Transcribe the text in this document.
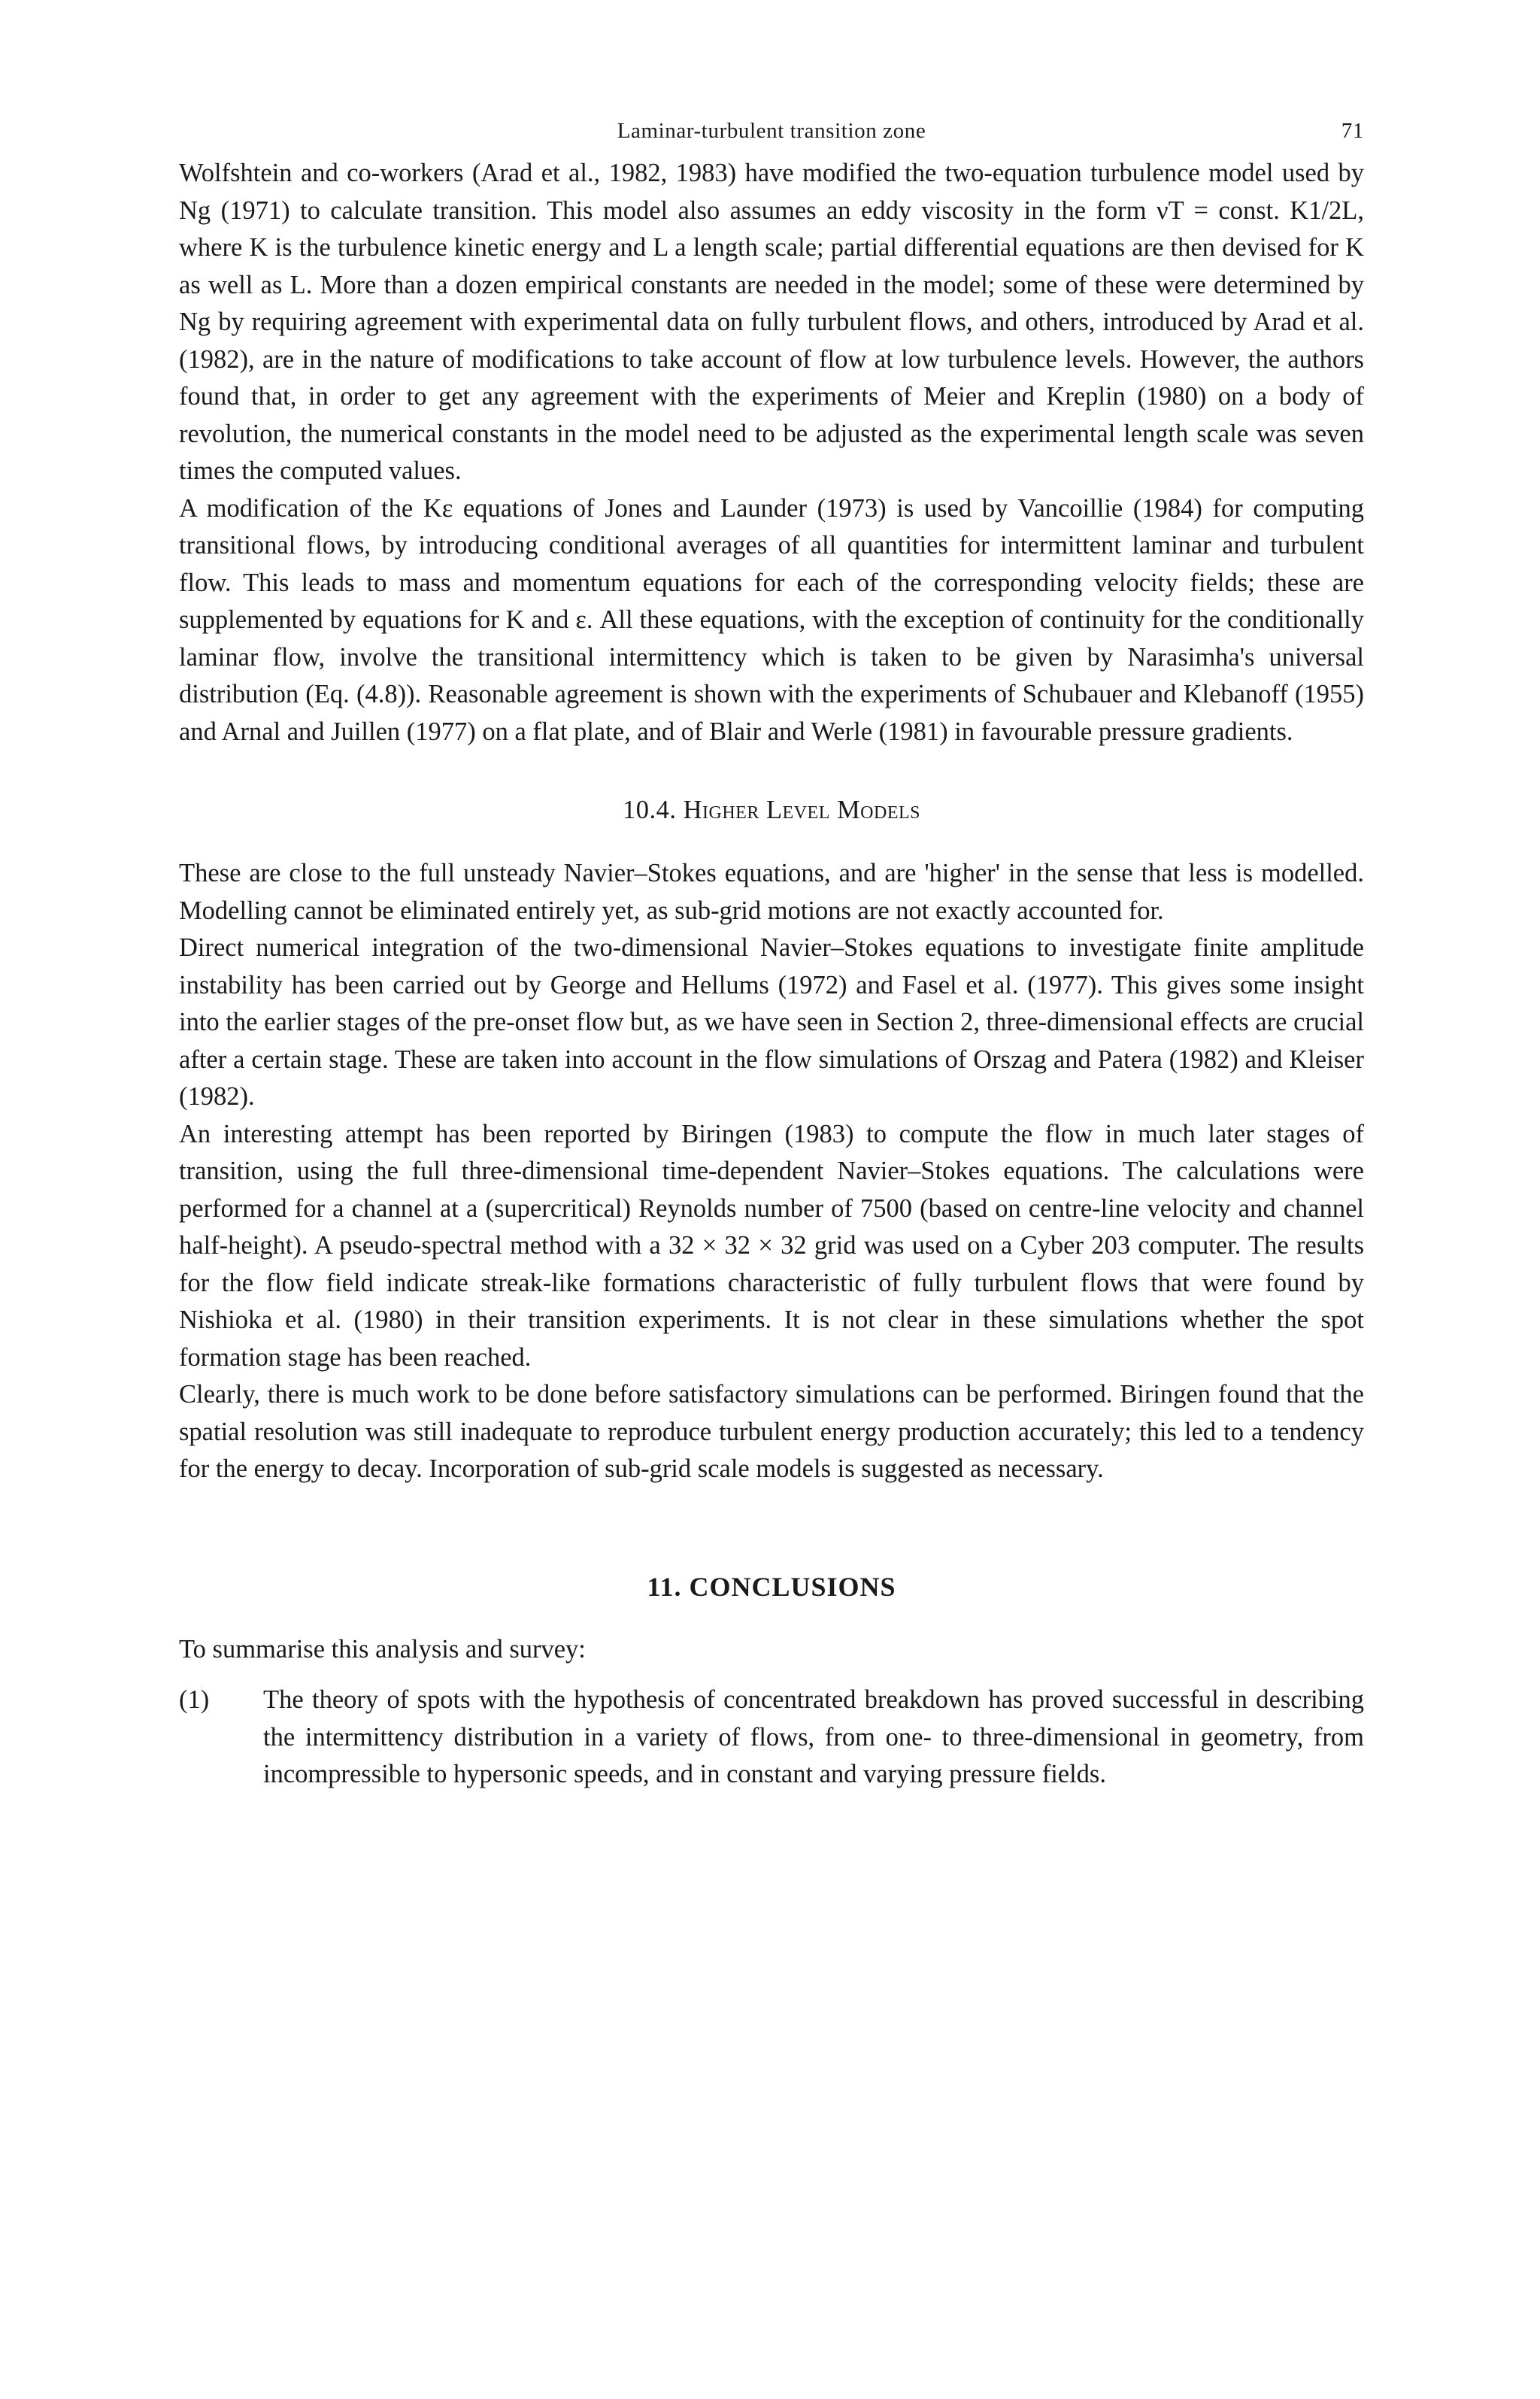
Laminar-turbulent transition zone	71

Wolfshtein and co-workers (Arad et al., 1982, 1983) have modified the two-equation turbulence model used by Ng (1971) to calculate transition. This model also assumes an eddy viscosity in the form νT = const. K1/2L, where K is the turbulence kinetic energy and L a length scale; partial differential equations are then devised for K as well as L. More than a dozen empirical constants are needed in the model; some of these were determined by Ng by requiring agreement with experimental data on fully turbulent flows, and others, introduced by Arad et al. (1982), are in the nature of modifications to take account of flow at low turbulence levels. However, the authors found that, in order to get any agreement with the experiments of Meier and Kreplin (1980) on a body of revolution, the numerical constants in the model need to be adjusted as the experimental length scale was seven times the computed values.

A modification of the Kε equations of Jones and Launder (1973) is used by Vancoillie (1984) for computing transitional flows, by introducing conditional averages of all quantities for intermittent laminar and turbulent flow. This leads to mass and momentum equations for each of the corresponding velocity fields; these are supplemented by equations for K and ε. All these equations, with the exception of continuity for the conditionally laminar flow, involve the transitional intermittency which is taken to be given by Narasimha's universal distribution (Eq. (4.8)). Reasonable agreement is shown with the experiments of Schubauer and Klebanoff (1955) and Arnal and Juillen (1977) on a flat plate, and of Blair and Werle (1981) in favourable pressure gradients.

10.4. Higher Level Models

These are close to the full unsteady Navier–Stokes equations, and are 'higher' in the sense that less is modelled. Modelling cannot be eliminated entirely yet, as sub-grid motions are not exactly accounted for.

Direct numerical integration of the two-dimensional Navier–Stokes equations to investigate finite amplitude instability has been carried out by George and Hellums (1972) and Fasel et al. (1977). This gives some insight into the earlier stages of the pre-onset flow but, as we have seen in Section 2, three-dimensional effects are crucial after a certain stage. These are taken into account in the flow simulations of Orszag and Patera (1982) and Kleiser (1982).

An interesting attempt has been reported by Biringen (1983) to compute the flow in much later stages of transition, using the full three-dimensional time-dependent Navier–Stokes equations. The calculations were performed for a channel at a (supercritical) Reynolds number of 7500 (based on centre-line velocity and channel half-height). A pseudo-spectral method with a 32 × 32 × 32 grid was used on a Cyber 203 computer. The results for the flow field indicate streak-like formations characteristic of fully turbulent flows that were found by Nishioka et al. (1980) in their transition experiments. It is not clear in these simulations whether the spot formation stage has been reached.

Clearly, there is much work to be done before satisfactory simulations can be performed. Biringen found that the spatial resolution was still inadequate to reproduce turbulent energy production accurately; this led to a tendency for the energy to decay. Incorporation of sub-grid scale models is suggested as necessary.

11. CONCLUSIONS

To summarise this analysis and survey:

(1)	The theory of spots with the hypothesis of concentrated breakdown has proved successful in describing the intermittency distribution in a variety of flows, from one- to three-dimensional in geometry, from incompressible to hypersonic speeds, and in constant and varying pressure fields.
